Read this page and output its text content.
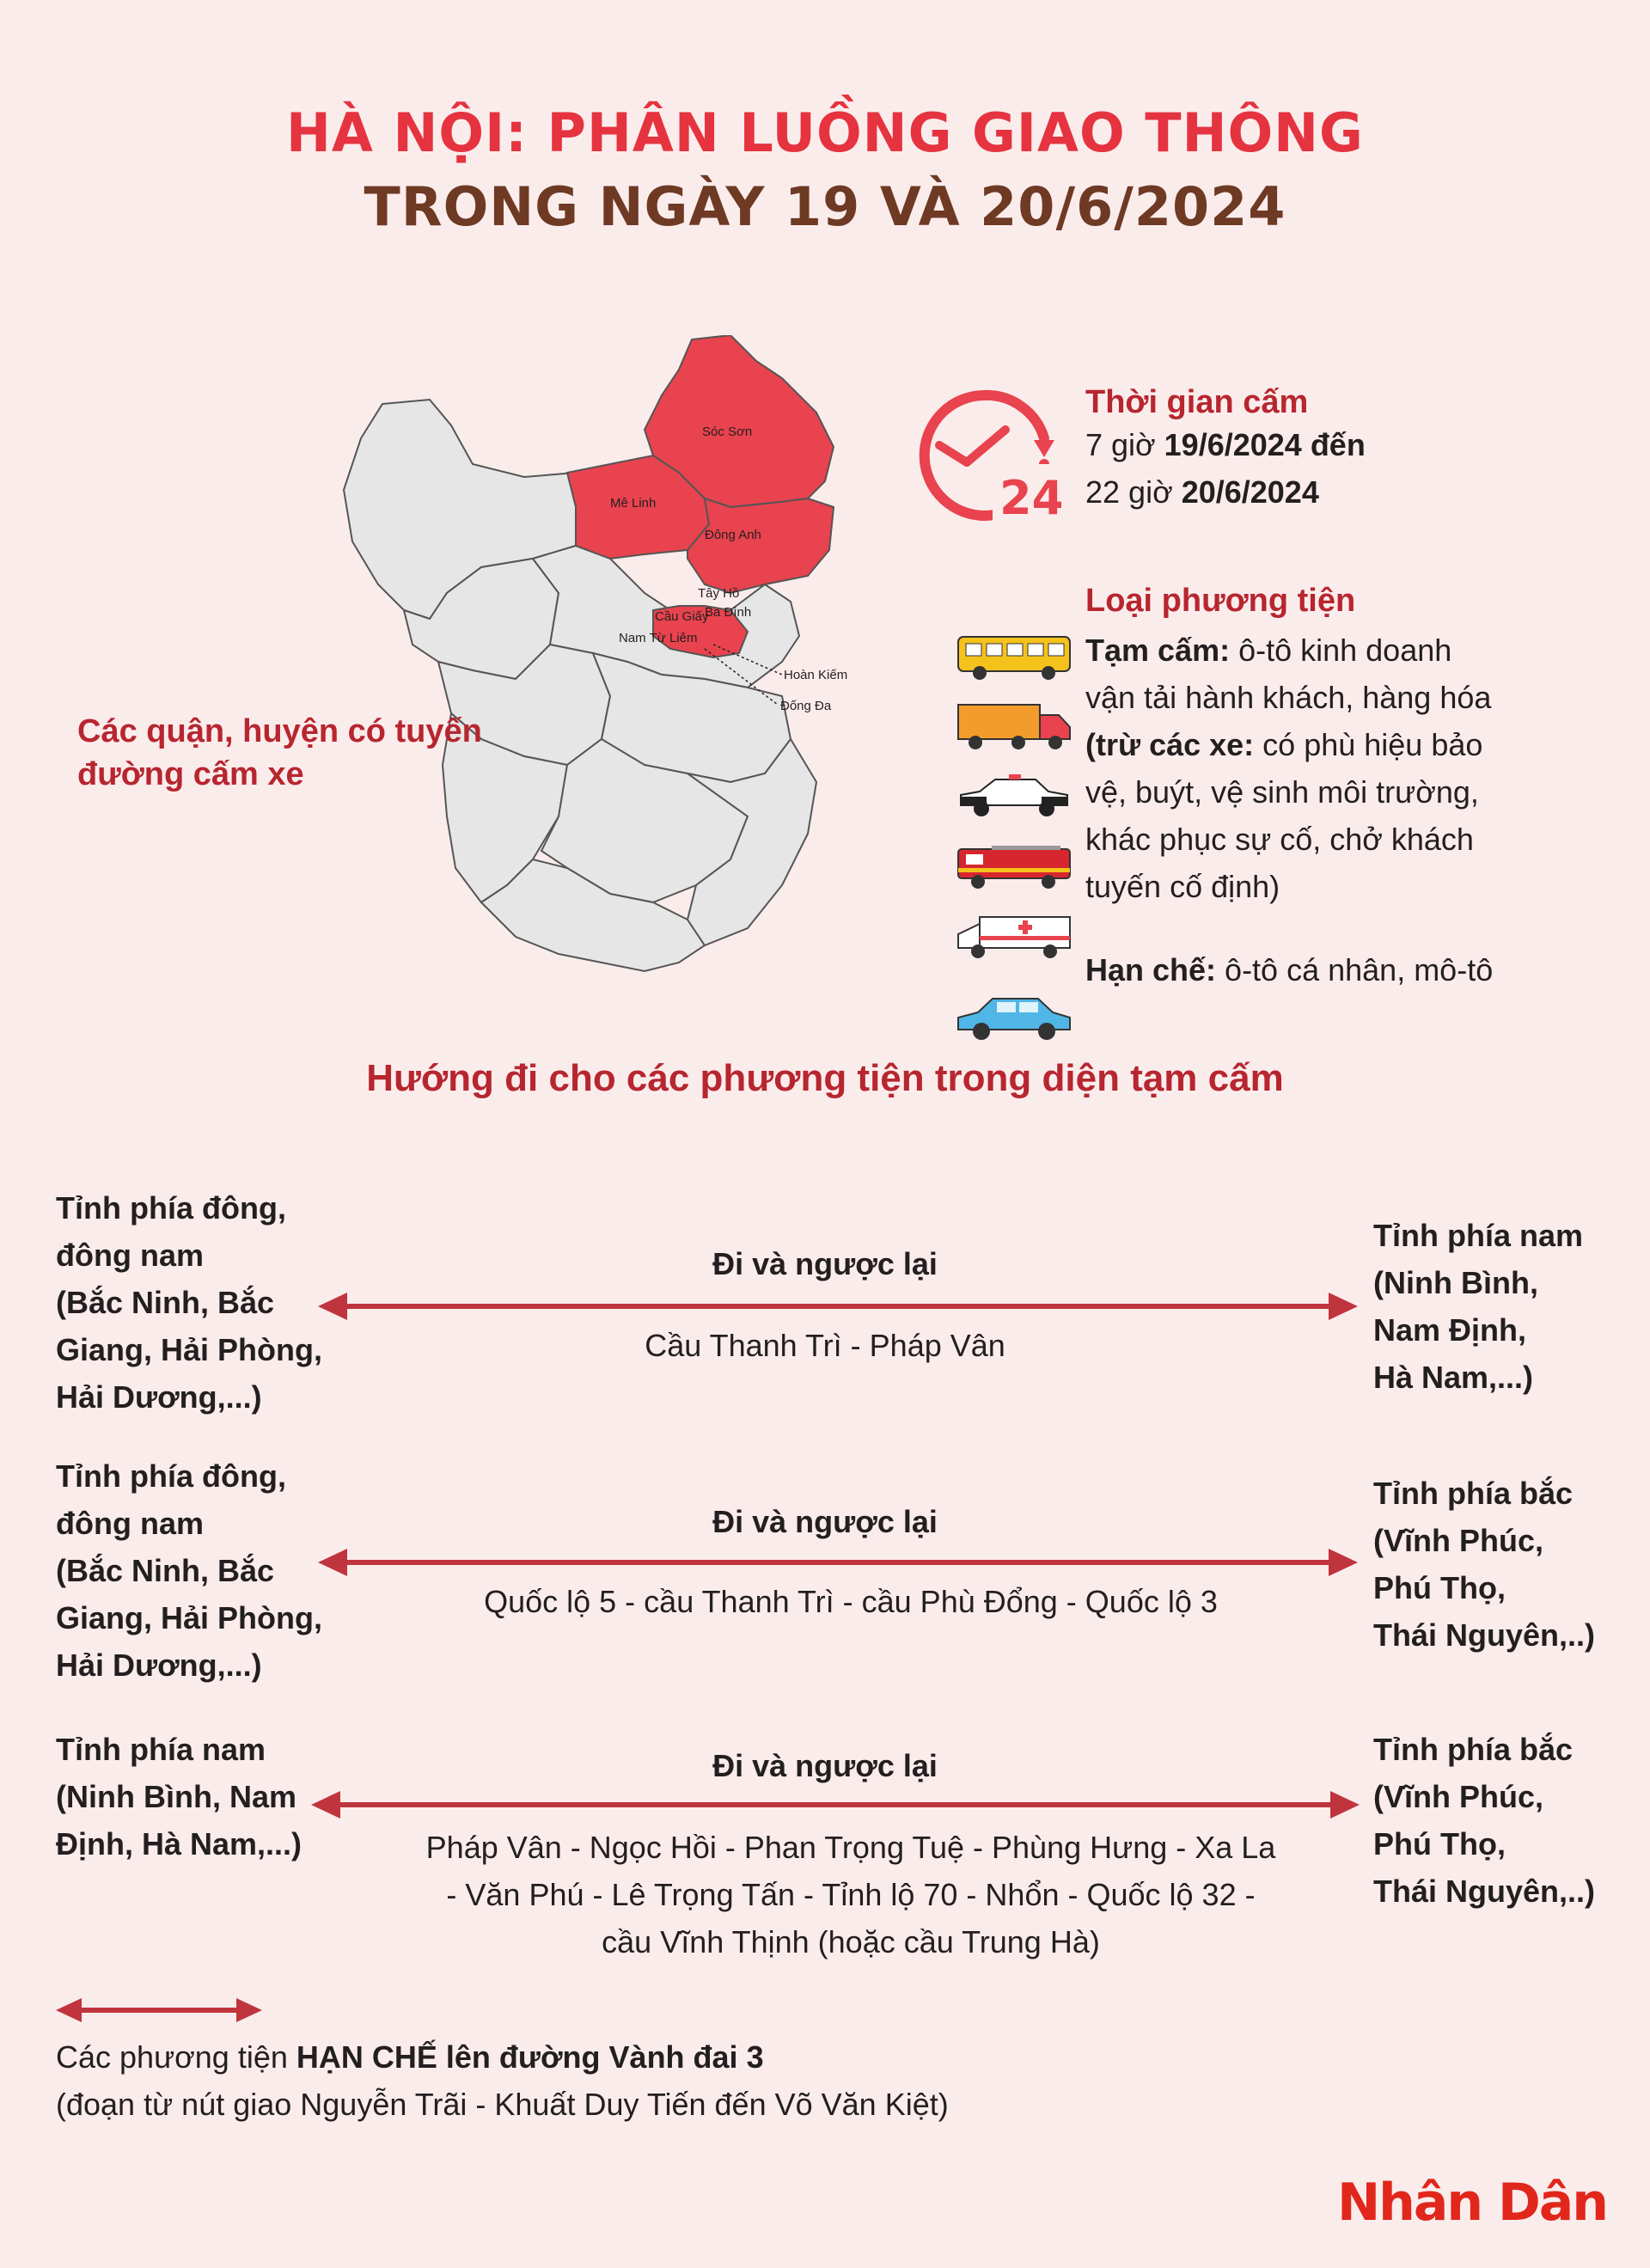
HÀ NỘI: PHÂN LUỒNG GIAO THÔNG
TRONG NGÀY 19 VÀ 20/6/2024
Sóc Sơn
Mê Linh
Đông Anh
Tây Hồ
Cầu Giấy
Ba Đình
Nam Từ Liêm
Hoàn Kiếm
Đống Đa
Các quận, huyện có tuyến đường cấm xe
24
Thời gian cấm
7 giờ 19/6/2024 đến
22 giờ 20/6/2024

Loại phương tiện
Tạm cấm: ô-tô kinh doanh
vận tải hành khách, hàng hóa
(trừ các xe: có phù hiệu bảo
vệ, buýt, vệ sinh môi trường,
khác phục sự cố, chở khách
tuyến cố định)
Hạn chế: ô-tô cá nhân, mô-tô
Hướng đi cho các phương tiện trong diện tạm cấm
Tỉnh phía đông,
đông nam
(Bắc Ninh, Bắc
Giang, Hải Phòng,
Hải Dương,...)
Đi và ngược lại
Cầu Thanh Trì - Pháp Vân
Tỉnh phía nam
(Ninh Bình,
Nam Định,
Hà Nam,...)
Tỉnh phía đông,
đông nam
(Bắc Ninh, Bắc
Giang, Hải Phòng,
Hải Dương,...)
Đi và ngược lại
Quốc lộ 5 - cầu Thanh Trì - cầu Phù Đổng - Quốc lộ 3
Tỉnh phía bắc
(Vĩnh Phúc,
Phú Thọ,
Thái Nguyên,..)
Tỉnh phía nam
(Ninh Bình, Nam
Định, Hà Nam,...)
Đi và ngược lại
Pháp Vân - Ngọc Hồi - Phan Trọng Tuệ - Phùng Hưng - Xa La
- Văn Phú - Lê Trọng Tấn - Tỉnh lộ 70 - Nhổn - Quốc lộ 32 -
cầu Vĩnh Thịnh (hoặc cầu Trung Hà)
Tỉnh phía bắc
(Vĩnh Phúc,
Phú Thọ,
Thái Nguyên,..)
Các phương tiện HẠN CHẾ lên đường Vành đai 3
(đoạn từ nút giao Nguyễn Trãi - Khuất Duy Tiến đến Võ Văn Kiệt)
Nhân Dân
